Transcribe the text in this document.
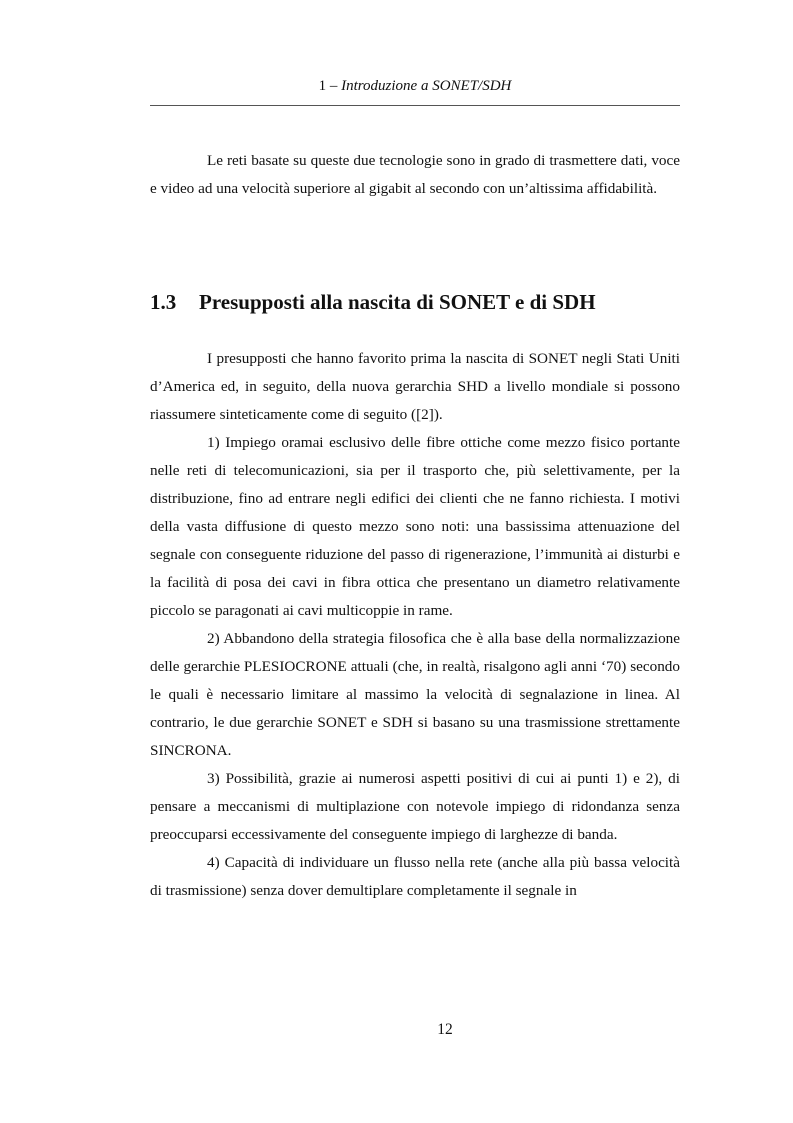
1 – Introduzione a SONET/SDH

Le reti basate su queste due tecnologie sono in grado di trasmettere dati, voce e video ad una velocità superiore al gigabit al secondo con un’altissima affidabilità.

1.3 Presupposti alla nascita di SONET e di SDH

I presupposti che hanno favorito prima la nascita di SONET negli Stati Uniti d’America ed, in seguito, della nuova gerarchia SHD a livello mondiale si possono riassumere sinteticamente come di seguito ([2]).

1) Impiego oramai esclusivo delle fibre ottiche come mezzo fisico portante nelle reti di telecomunicazioni, sia per il trasporto che, più selettivamente, per la distribuzione, fino ad entrare negli edifici dei clienti che ne fanno richiesta. I motivi della vasta diffusione di questo mezzo sono noti: una bassissima attenuazione del segnale con conseguente riduzione del passo di rigenerazione, l’immunità ai disturbi e la facilità di posa dei cavi in fibra ottica che presentano un diametro relativamente piccolo se paragonati ai cavi multicoppie in rame.

2) Abbandono della strategia filosofica che è alla base della normalizzazione delle gerarchie PLESIOCRONE attuali (che, in realtà, risalgono agli anni ‘70) secondo le quali è necessario limitare al massimo la velocità di segnalazione in linea. Al contrario, le due gerarchie SONET e SDH si basano su una trasmissione strettamente SINCRONA.

3) Possibilità, grazie ai numerosi aspetti positivi di cui ai punti 1) e 2), di pensare a meccanismi di multiplazione con notevole impiego di ridondanza senza preoccuparsi eccessivamente del conseguente impiego di larghezze di banda.

4) Capacità di individuare un flusso nella rete (anche alla più bassa velocità di trasmissione) senza dover demultiplare completamente il segnale in

12
